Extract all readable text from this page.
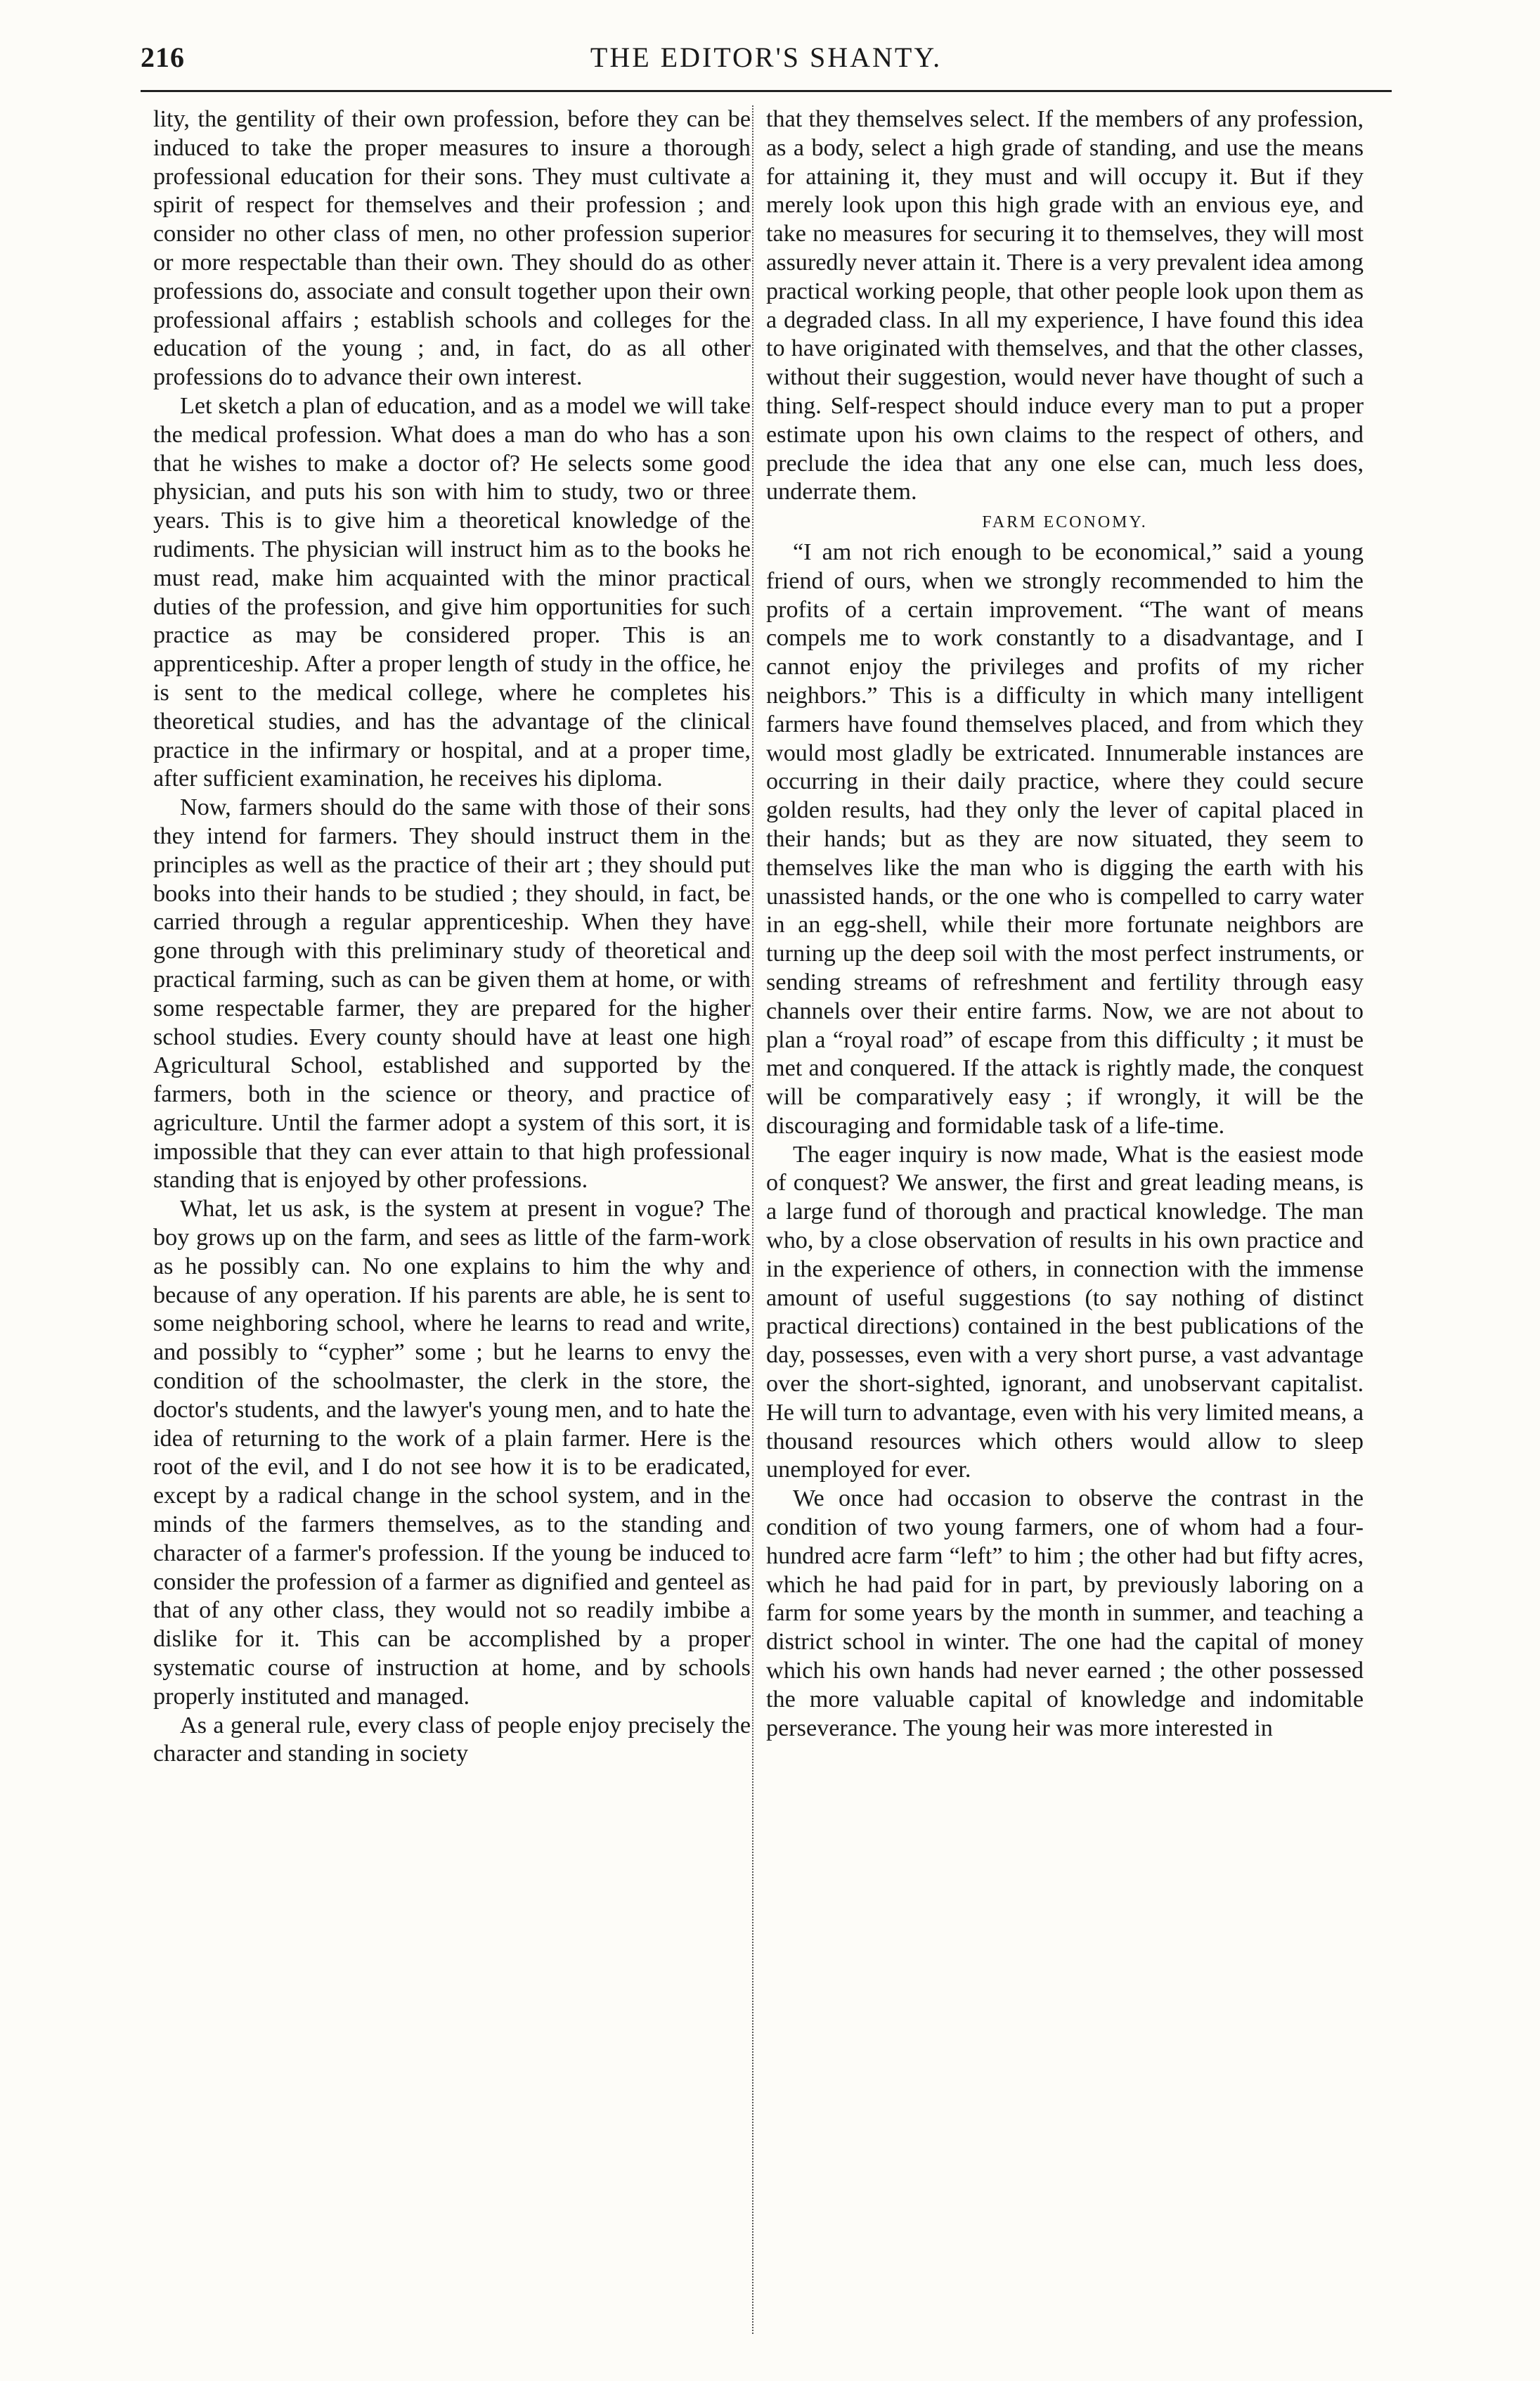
216	THE EDITOR'S SHANTY.

lity, the gentility of their own profession, before they can be induced to take the proper measures to insure a thorough professional education for their sons. They must cultivate a spirit of respect for themselves and their profession ; and consider no other class of men, no other profession superior or more respectable than their own. They should do as other professions do, associate and consult together upon their own professional affairs ; establish schools and colleges for the education of the young ; and, in fact, do as all other professions do to advance their own interest.

Let sketch a plan of education, and as a model we will take the medical profession. What does a man do who has a son that he wishes to make a doctor of? He selects some good physician, and puts his son with him to study, two or three years. This is to give him a theoretical knowledge of the rudiments. The physician will instruct him as to the books he must read, make him acquainted with the minor practical duties of the profession, and give him opportunities for such practice as may be considered proper. This is an apprenticeship. After a proper length of study in the office, he is sent to the medical college, where he completes his theoretical studies, and has the advantage of the clinical practice in the infirmary or hospital, and at a proper time, after sufficient examination, he receives his diploma.

Now, farmers should do the same with those of their sons they intend for farmers. They should instruct them in the principles as well as the practice of their art ; they should put books into their hands to be studied ; they should, in fact, be carried through a regular apprenticeship. When they have gone through with this preliminary study of theoretical and practical farming, such as can be given them at home, or with some respectable farmer, they are prepared for the higher school studies. Every county should have at least one high Agricultural School, established and supported by the farmers, both in the science or theory, and practice of agriculture. Until the farmer adopt a system of this sort, it is impossible that they can ever attain to that high professional standing that is enjoyed by other professions.

What, let us ask, is the system at present in vogue? The boy grows up on the farm, and sees as little of the farm-work as he possibly can. No one explains to him the why and because of any operation. If his parents are able, he is sent to some neighboring school, where he learns to read and write, and possibly to “cypher” some ; but he learns to envy the condition of the schoolmaster, the clerk in the store, the doctor's students, and the lawyer's young men, and to hate the idea of returning to the work of a plain farmer. Here is the root of the evil, and I do not see how it is to be eradicated, except by a radical change in the school system, and in the minds of the farmers themselves, as to the standing and character of a farmer's profession. If the young be induced to consider the profession of a farmer as dignified and genteel as that of any other class, they would not so readily imbibe a dislike for it. This can be accomplished by a proper systematic course of instruction at home, and by schools properly instituted and managed.

As a general rule, every class of people enjoy precisely the character and standing in society

that they themselves select. If the members of any profession, as a body, select a high grade of standing, and use the means for attaining it, they must and will occupy it. But if they merely look upon this high grade with an envious eye, and take no measures for securing it to themselves, they will most assuredly never attain it. There is a very prevalent idea among practical working people, that other people look upon them as a degraded class. In all my experience, I have found this idea to have originated with themselves, and that the other classes, without their suggestion, would never have thought of such a thing. Self-respect should induce every man to put a proper estimate upon his own claims to the respect of others, and preclude the idea that any one else can, much less does, underrate them.

FARM ECONOMY.

“I am not rich enough to be economical,” said a young friend of ours, when we strongly recommended to him the profits of a certain improvement. “The want of means compels me to work constantly to a disadvantage, and I cannot enjoy the privileges and profits of my richer neighbors.” This is a difficulty in which many intelligent farmers have found themselves placed, and from which they would most gladly be extricated. Innumerable instances are occurring in their daily practice, where they could secure golden results, had they only the lever of capital placed in their hands; but as they are now situated, they seem to themselves like the man who is digging the earth with his unassisted hands, or the one who is compelled to carry water in an egg-shell, while their more fortunate neighbors are turning up the deep soil with the most perfect instruments, or sending streams of refreshment and fertility through easy channels over their entire farms. Now, we are not about to plan a “royal road” of escape from this difficulty ; it must be met and conquered. If the attack is rightly made, the conquest will be comparatively easy ; if wrongly, it will be the discouraging and formidable task of a life-time.

The eager inquiry is now made, What is the easiest mode of conquest? We answer, the first and great leading means, is a large fund of thorough and practical knowledge. The man who, by a close observation of results in his own practice and in the experience of others, in connection with the immense amount of useful suggestions (to say nothing of distinct practical directions) contained in the best publications of the day, possesses, even with a very short purse, a vast advantage over the short-sighted, ignorant, and unobservant capitalist. He will turn to advantage, even with his very limited means, a thousand resources which others would allow to sleep unemployed for ever.

We once had occasion to observe the contrast in the condition of two young farmers, one of whom had a four-hundred acre farm “left” to him ; the other had but fifty acres, which he had paid for in part, by previously laboring on a farm for some years by the month in summer, and teaching a district school in winter. The one had the capital of money which his own hands had never earned ; the other possessed the more valuable capital of knowledge and indomitable perseverance. The young heir was more interested in
